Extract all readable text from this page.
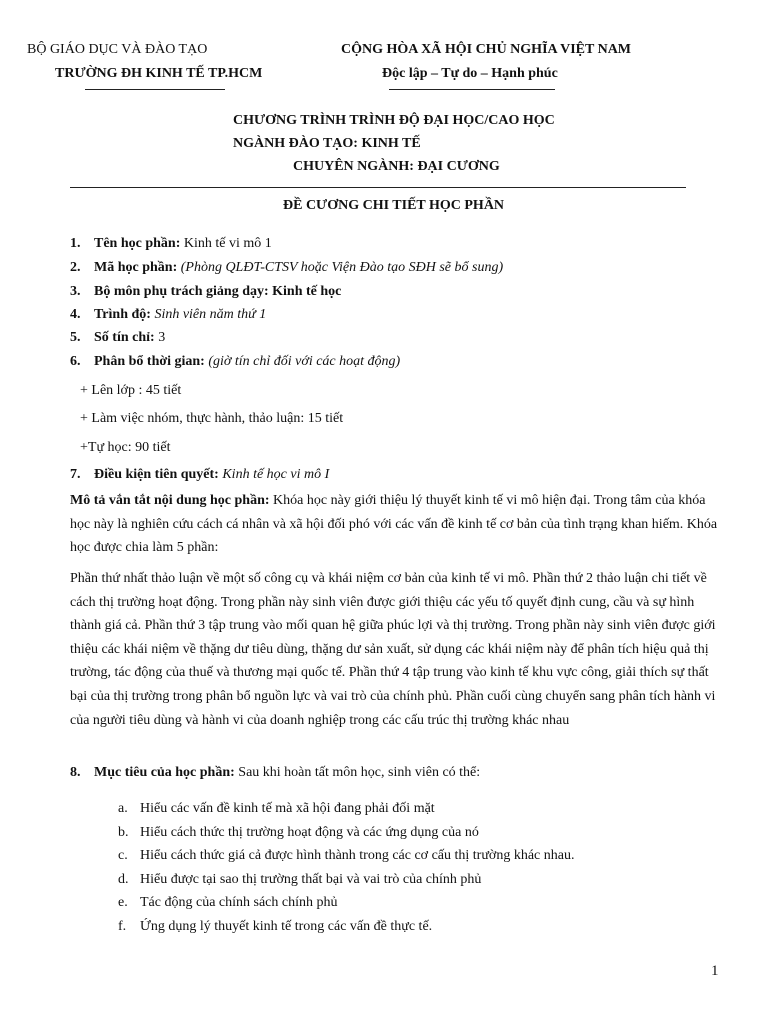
BỘ GIÁO DỤC VÀ ĐÀO TẠO
TRƯỜNG ĐH KINH TẾ TP.HCM
CỘNG HÒA XÃ HỘI CHỦ NGHĨA VIỆT NAM
Độc lập – Tự do – Hạnh phúc
CHƯƠNG TRÌNH TRÌNH ĐỘ ĐẠI HỌC/CAO HỌC
NGÀNH ĐÀO TẠO: KINH TẾ
CHUYÊN NGÀNH: ĐẠI CƯƠNG
ĐỀ CƯƠNG CHI TIẾT HỌC PHẦN
1. Tên học phần: Kinh tế vi mô 1
2. Mã học phần: (Phòng QLĐT-CTSV hoặc Viện Đào tạo SĐH sẽ bổ sung)
3. Bộ môn phụ trách giảng dạy: Kinh tế học
4. Trình độ: Sinh viên năm thứ 1
5. Số tín chỉ: 3
6. Phân bổ thời gian: (giờ tín chỉ đối với các hoạt động)
+ Lên lớp : 45 tiết
+ Làm việc nhóm, thực hành, thảo luận: 15 tiết
+Tự học: 90 tiết
7. Điều kiện tiên quyết: Kinh tế học vi mô I
Mô tả vắn tắt nội dung học phần: Khóa học này giới thiệu lý thuyết kinh tế vi mô hiện đại. Trong tâm của khóa học này là nghiên cứu cách cá nhân và xã hội đối phó với các vấn đề kinh tế cơ bản của tình trạng khan hiếm. Khóa học được chia làm 5 phần:
Phần thứ nhất thảo luận về một số công cụ và khái niệm cơ bản của kinh tế vi mô. Phần thứ 2 thảo luận chi tiết về cách thị trường hoạt động. Trong phần này sinh viên được giới thiệu các yếu tố quyết định cung, cầu và sự hình thành giá cả. Phần thứ 3 tập trung vào mối quan hệ giữa phúc lợi và thị trường. Trong phần này sinh viên được giới thiệu các khái niệm về thặng dư tiêu dùng, thặng dư sản xuất, sử dụng các khái niệm này để phân tích hiệu quả thị trường, tác động của thuế và thương mại quốc tế. Phần thứ 4 tập trung vào kinh tế khu vực công, giải thích sự thất bại của thị trường trong phân bổ nguồn lực và vai trò của chính phủ. Phần cuối cùng chuyển sang phân tích hành vi của người tiêu dùng và hành vi của doanh nghiệp trong các cấu trúc thị trường khác nhau
8. Mục tiêu của học phần: Sau khi hoàn tất môn học, sinh viên có thể:
a. Hiểu các vấn đề kinh tế mà xã hội đang phải đối mặt
b. Hiểu cách thức thị trường hoạt động và các ứng dụng của nó
c. Hiểu cách thức giá cả được hình thành trong các cơ cấu thị trường khác nhau.
d. Hiểu được tại sao thị trường thất bại và vai trò của chính phủ
e. Tác động của chính sách chính phủ
f. Ứng dụng lý thuyết kinh tế trong các vấn đề thực tế.
1
